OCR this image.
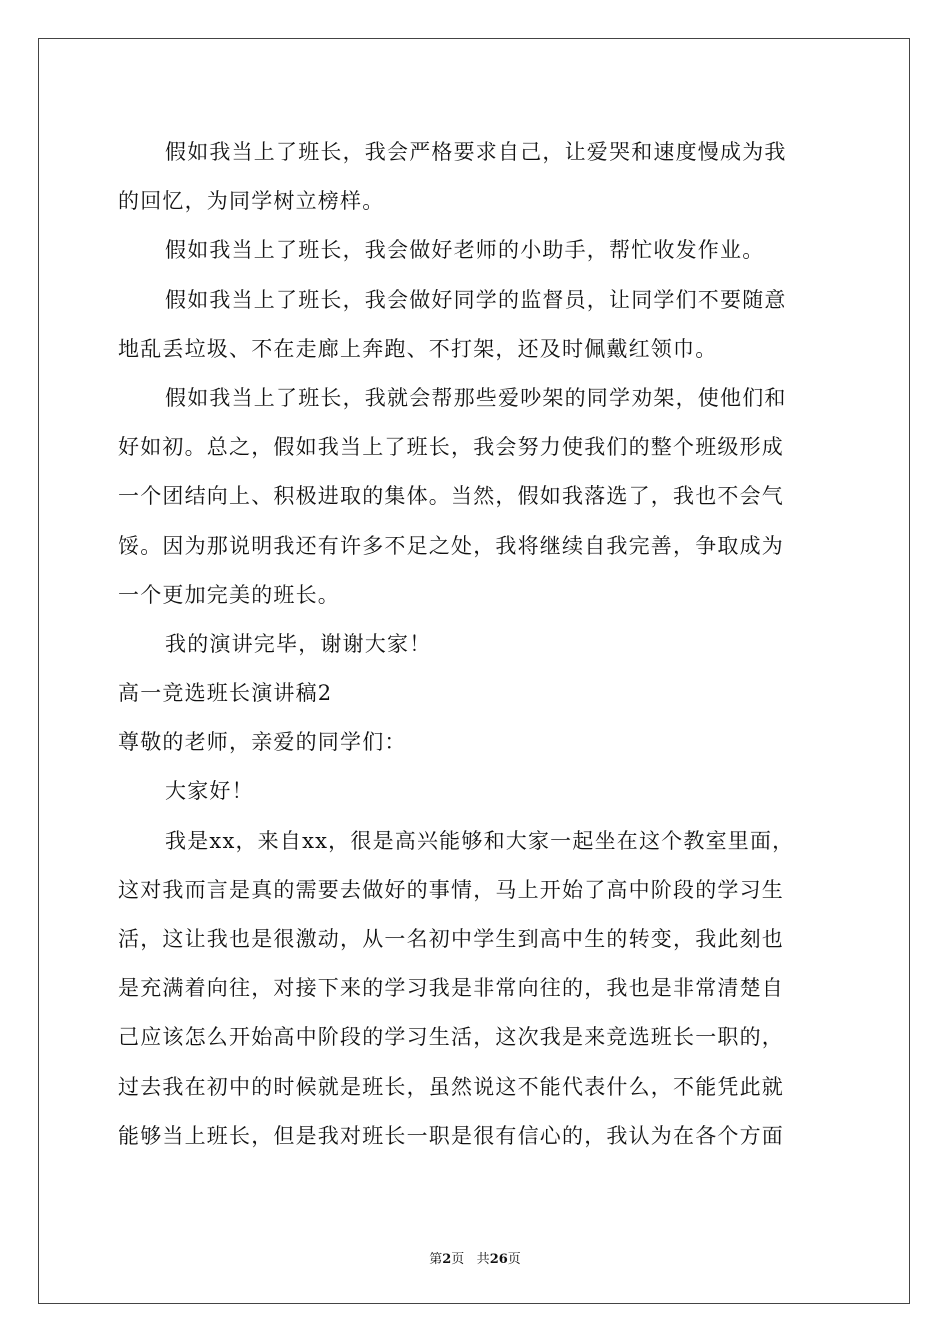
假如我当上了班长，我会严格要求自己，让爱哭和速度慢成为我
的回忆，为同学树立榜样。
假如我当上了班长，我会做好老师的小助手，帮忙收发作业。
假如我当上了班长，我会做好同学的监督员，让同学们不要随意
地乱丢垃圾、不在走廊上奔跑、不打架，还及时佩戴红领巾。
假如我当上了班长，我就会帮那些爱吵架的同学劝架，使他们和
好如初。总之，假如我当上了班长，我会努力使我们的整个班级形成
一个团结向上、积极进取的集体。当然，假如我落选了，我也不会气
馁。因为那说明我还有许多不足之处，我将继续自我完善，争取成为
一个更加完美的班长。
我的演讲完毕，谢谢大家！
高一竞选班长演讲稿2
尊敬的老师，亲爱的同学们：
大家好！
我是xx，来自xx，很是高兴能够和大家一起坐在这个教室里面，
这对我而言是真的需要去做好的事情，马上开始了高中阶段的学习生
活，这让我也是很激动，从一名初中学生到高中生的转变，我此刻也
是充满着向往，对接下来的学习我是非常向往的，我也是非常清楚自
己应该怎么开始高中阶段的学习生活，这次我是来竞选班长一职的，
过去我在初中的时候就是班长，虽然说这不能代表什么，不能凭此就
能够当上班长，但是我对班长一职是很有信心的，我认为在各个方面
第2页 共26页
